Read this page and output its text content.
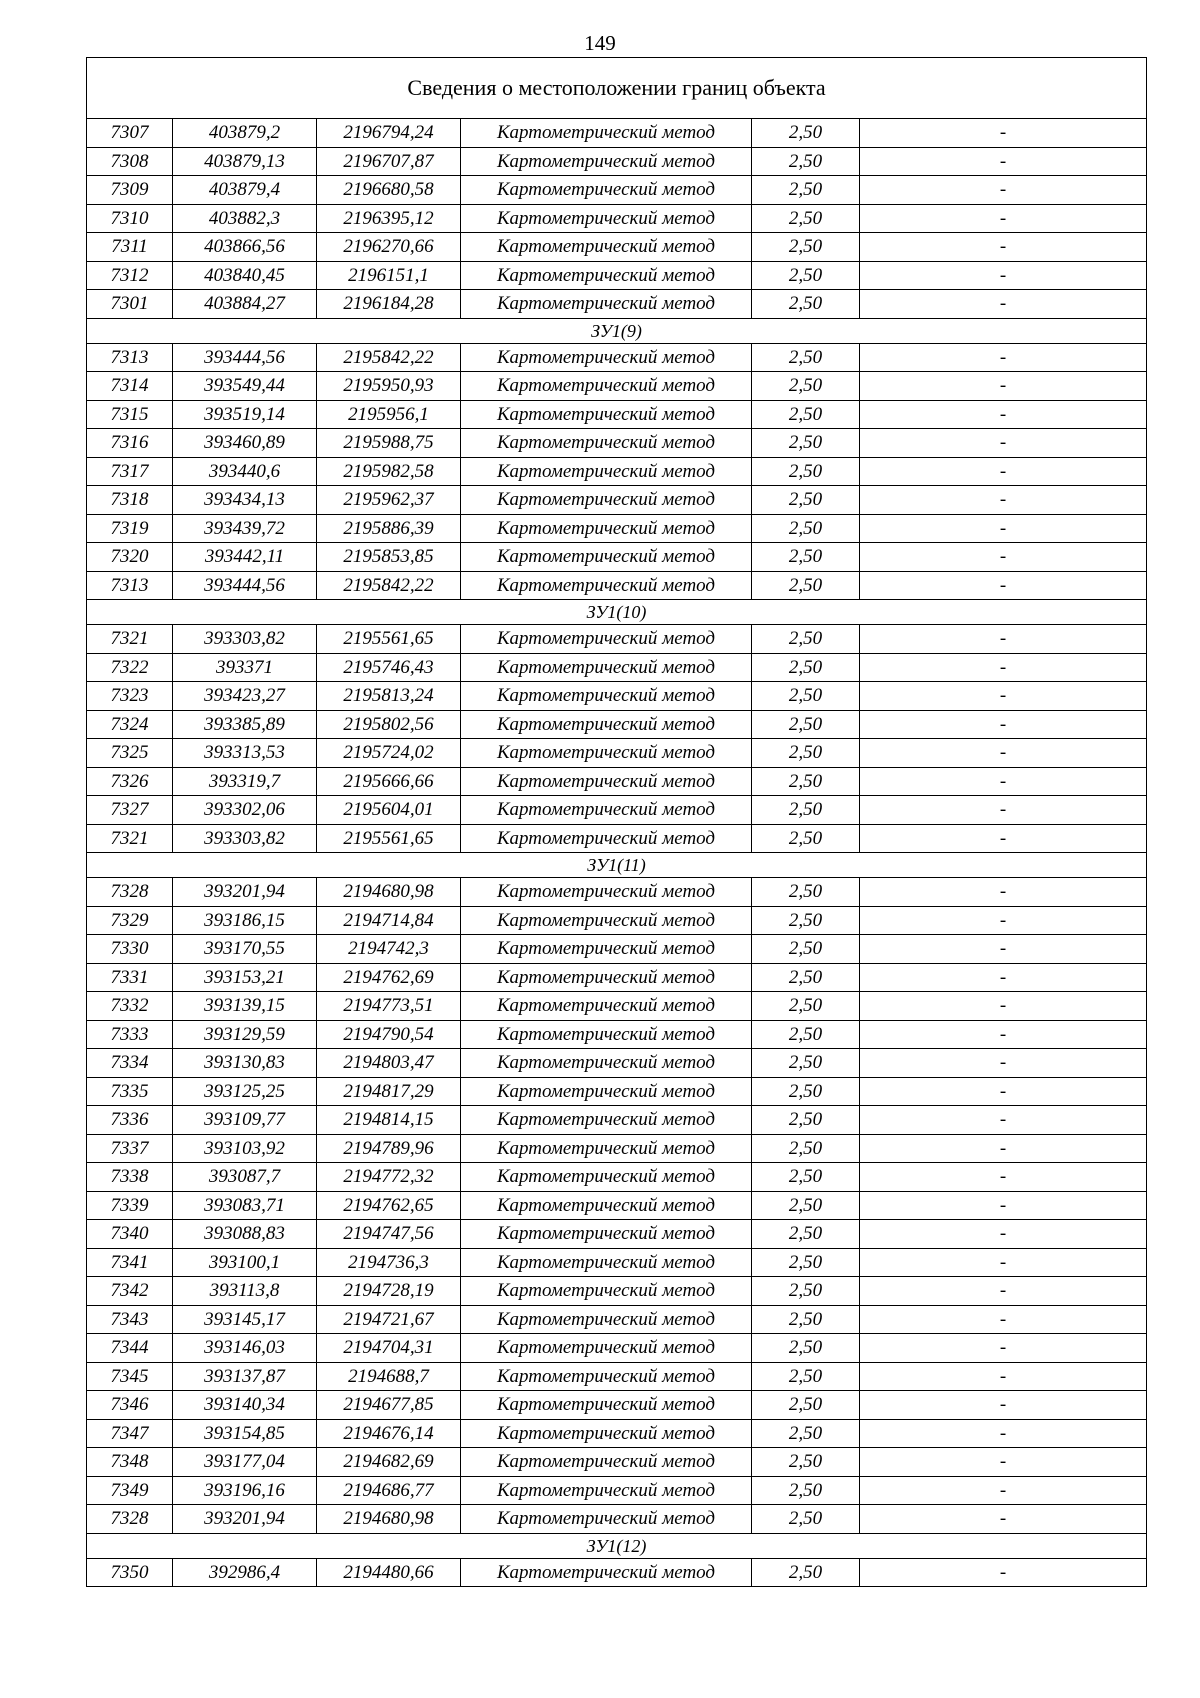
149
Сведения о местоположении границ объекта					
7307	403879,2	2196794,24	Картометрический метод	2,50	-
7308	403879,13	2196707,87	Картометрический метод	2,50	-
7309	403879,4	2196680,58	Картометрический метод	2,50	-
7310	403882,3	2196395,12	Картометрический метод	2,50	-
7311	403866,56	2196270,66	Картометрический метод	2,50	-
7312	403840,45	2196151,1	Картометрический метод	2,50	-
7301	403884,27	2196184,28	Картометрический метод	2,50	-
ЗУ1(9)					
7313	393444,56	2195842,22	Картометрический метод	2,50	-
7314	393549,44	2195950,93	Картометрический метод	2,50	-
7315	393519,14	2195956,1	Картометрический метод	2,50	-
7316	393460,89	2195988,75	Картометрический метод	2,50	-
7317	393440,6	2195982,58	Картометрический метод	2,50	-
7318	393434,13	2195962,37	Картометрический метод	2,50	-
7319	393439,72	2195886,39	Картометрический метод	2,50	-
7320	393442,11	2195853,85	Картометрический метод	2,50	-
7313	393444,56	2195842,22	Картометрический метод	2,50	-
ЗУ1(10)					
7321	393303,82	2195561,65	Картометрический метод	2,50	-
7322	393371	2195746,43	Картометрический метод	2,50	-
7323	393423,27	2195813,24	Картометрический метод	2,50	-
7324	393385,89	2195802,56	Картометрический метод	2,50	-
7325	393313,53	2195724,02	Картометрический метод	2,50	-
7326	393319,7	2195666,66	Картометрический метод	2,50	-
7327	393302,06	2195604,01	Картометрический метод	2,50	-
7321	393303,82	2195561,65	Картометрический метод	2,50	-
ЗУ1(11)					
7328	393201,94	2194680,98	Картометрический метод	2,50	-
7329	393186,15	2194714,84	Картометрический метод	2,50	-
7330	393170,55	2194742,3	Картометрический метод	2,50	-
7331	393153,21	2194762,69	Картометрический метод	2,50	-
7332	393139,15	2194773,51	Картометрический метод	2,50	-
7333	393129,59	2194790,54	Картометрический метод	2,50	-
7334	393130,83	2194803,47	Картометрический метод	2,50	-
7335	393125,25	2194817,29	Картометрический метод	2,50	-
7336	393109,77	2194814,15	Картометрический метод	2,50	-
7337	393103,92	2194789,96	Картометрический метод	2,50	-
7338	393087,7	2194772,32	Картометрический метод	2,50	-
7339	393083,71	2194762,65	Картометрический метод	2,50	-
7340	393088,83	2194747,56	Картометрический метод	2,50	-
7341	393100,1	2194736,3	Картометрический метод	2,50	-
7342	393113,8	2194728,19	Картометрический метод	2,50	-
7343	393145,17	2194721,67	Картометрический метод	2,50	-
7344	393146,03	2194704,31	Картометрический метод	2,50	-
7345	393137,87	2194688,7	Картометрический метод	2,50	-
7346	393140,34	2194677,85	Картометрический метод	2,50	-
7347	393154,85	2194676,14	Картометрический метод	2,50	-
7348	393177,04	2194682,69	Картометрический метод	2,50	-
7349	393196,16	2194686,77	Картометрический метод	2,50	-
7328	393201,94	2194680,98	Картометрический метод	2,50	-
ЗУ1(12)					
7350	392986,4	2194480,66	Картометрический метод	2,50	-
